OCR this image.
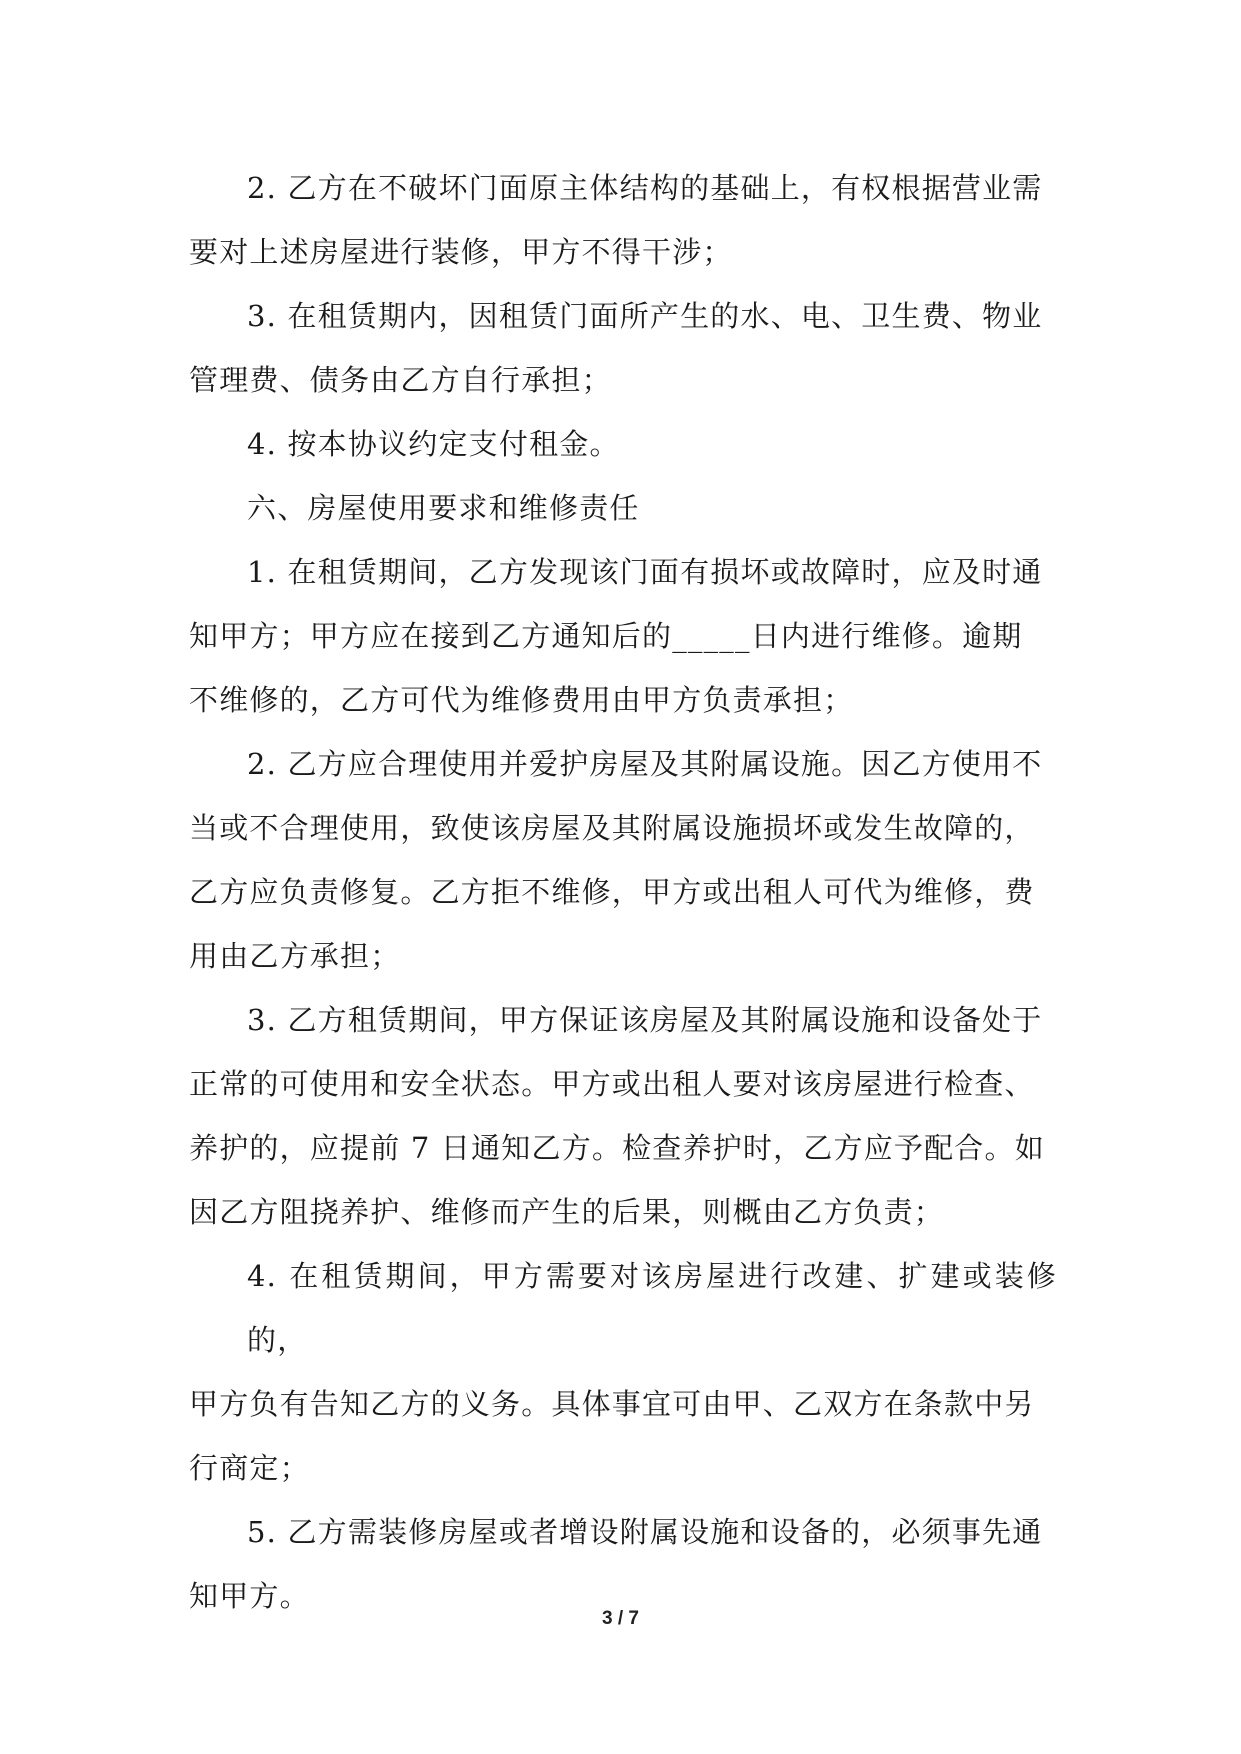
2. 乙方在不破坏门面原主体结构的基础上，有权根据营业需
要对上述房屋进行装修，甲方不得干涉；
3. 在租赁期内，因租赁门面所产生的水、电、卫生费、物业
管理费、债务由乙方自行承担；
4. 按本协议约定支付租金。
六、房屋使用要求和维修责任
1. 在租赁期间，乙方发现该门面有损坏或故障时，应及时通
知甲方；甲方应在接到乙方通知后的_____日内进行维修。逾期
不维修的，乙方可代为维修费用由甲方负责承担；
2. 乙方应合理使用并爱护房屋及其附属设施。因乙方使用不
当或不合理使用，致使该房屋及其附属设施损坏或发生故障的，
乙方应负责修复。乙方拒不维修，甲方或出租人可代为维修，费
用由乙方承担；
3. 乙方租赁期间，甲方保证该房屋及其附属设施和设备处于
正常的可使用和安全状态。甲方或出租人要对该房屋进行检查、
养护的，应提前 7 日通知乙方。检查养护时，乙方应予配合。如
因乙方阻挠养护、维修而产生的后果，则概由乙方负责；
4. 在租赁期间，甲方需要对该房屋进行改建、扩建或装修的，
甲方负有告知乙方的义务。具体事宜可由甲、乙双方在条款中另
行商定；
5. 乙方需装修房屋或者增设附属设施和设备的，必须事先通
知甲方。
3 / 7
